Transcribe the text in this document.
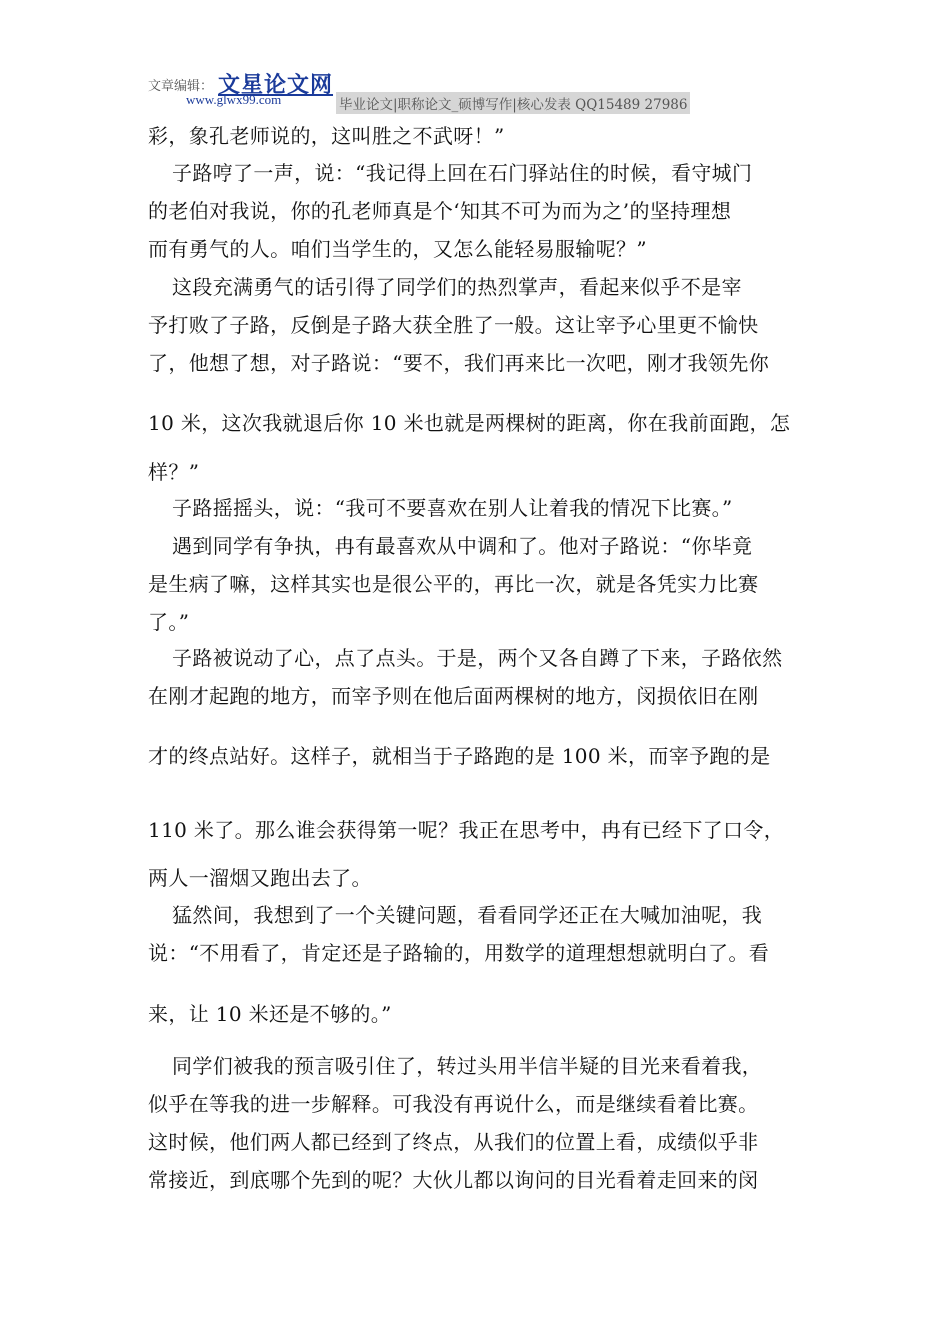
文章编辑： 文星论文网
www.glwx99.com	毕业论文|职称论文_硕博写作|核心发表 QQ15489 27986
彩，象孔老师说的，这叫胜之不武呀！”
子路哼了一声，说：“我记得上回在石门驿站住的时候，看守城门
的老伯对我说，你的孔老师真是个‘知其不可为而为之’的坚持理想
而有勇气的人。咱们当学生的，又怎么能轻易服输呢？”
这段充满勇气的话引得了同学们的热烈掌声，看起来似乎不是宰
予打败了子路，反倒是子路大获全胜了一般。这让宰予心里更不愉快
了，他想了想，对子路说：“要不，我们再来比一次吧，刚才我领先你
10 米，这次我就退后你 10 米也就是两棵树的距离，你在我前面跑，怎
样？”
子路摇摇头，说：“我可不要喜欢在别人让着我的情况下比赛。”
遇到同学有争执，冉有最喜欢从中调和了。他对子路说：“你毕竟
是生病了嘛，这样其实也是很公平的，再比一次，就是各凭实力比赛
了。”
子路被说动了心，点了点头。于是，两个又各自蹲了下来，子路依然
在刚才起跑的地方，而宰予则在他后面两棵树的地方，闵损依旧在刚
才的终点站好。这样子，就相当于子路跑的是 100 米，而宰予跑的是
110 米了。那么谁会获得第一呢？我正在思考中，冉有已经下了口令，
两人一溜烟又跑出去了。
猛然间，我想到了一个关键问题，看看同学还正在大喊加油呢，我
说：“不用看了，肯定还是子路输的，用数学的道理想想就明白了。看
来，让 10 米还是不够的。”
同学们被我的预言吸引住了，转过头用半信半疑的目光来看着我，
似乎在等我的进一步解释。可我没有再说什么，而是继续看着比赛。
这时候，他们两人都已经到了终点，从我们的位置上看，成绩似乎非
常接近，到底哪个先到的呢？大伙儿都以询问的目光看着走回来的闵
